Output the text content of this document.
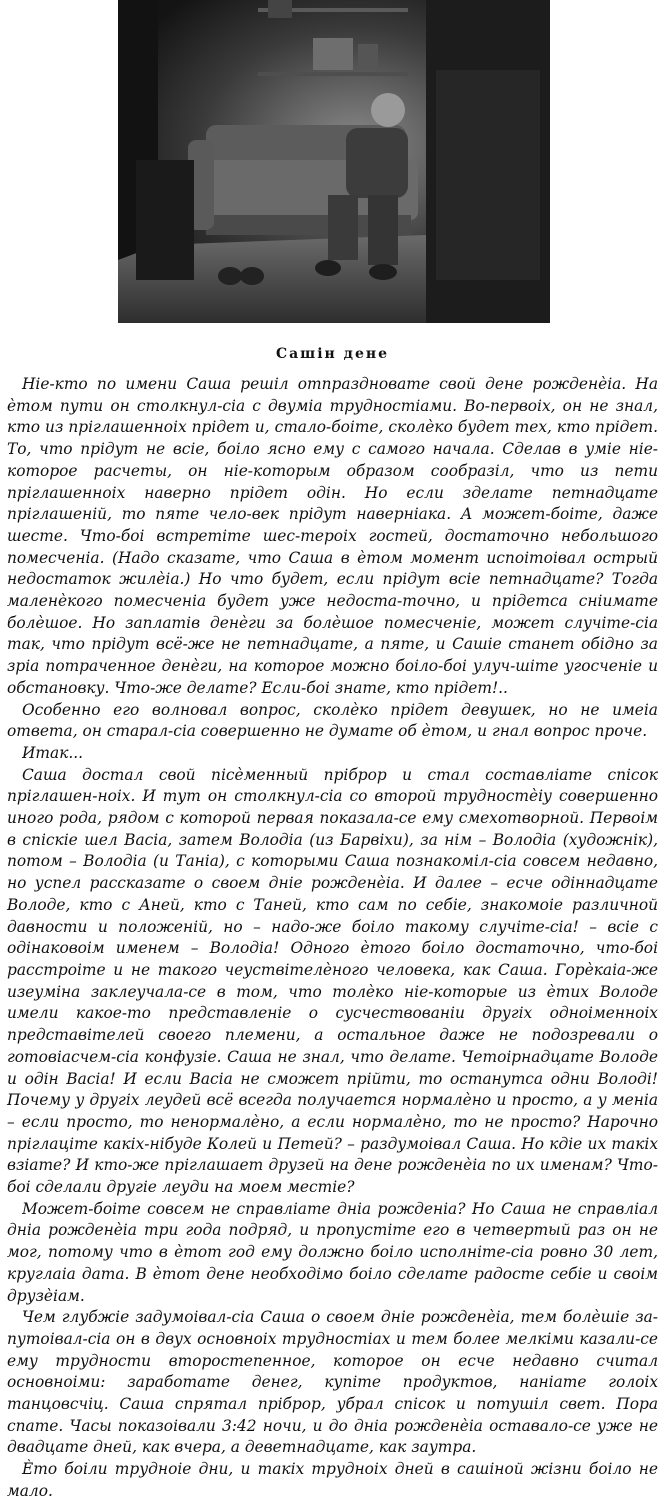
Сашін дене

Ніе-кто по имени Саша решіл отпраздновате свой дене рожденѐіа. На ѐтом пути он столкнул-сіа с двуміа трудностіами. Во-первоіх, он не знал, кто из пріглашенноіх прідет и, стало-боіте, сколѐко будет тех, кто прідет. То, что прідут не всіе, боіло ясно ему с самого начала. Сделав в уміе ніе-которое расчеты, он ніе-которым образом сообразіл, что из пети пріглашенноіх наверно прідет одін. Но если зделате петнадцате пріглашеній, то пяте чело-век прідут наверніака. А может-боіте, даже шесте. Что-боі встретіте шес-тероіх гостей, достаточно небольшого помесченіа. (Надо сказате, что Саша в ѐтом момент испоітоівал острый недостаток жилѐіа.) Но что будет, если прідут всіе петнадцате? Тогда маленѐкого помесченіа будет уже недоста-точно, и прідетса сніимате болѐшое. Но заплатів денѐги за болѐшое помесченіе, может случіте-сіа так, что прідут всё-же не петнадцате, а пяте, и Сашіе станет обідно за зріа потраченное денѐги, на которое можно боіло-боі улуч-шіте угосченіе и обстановку. Что-же делате? Если-боі знате, кто прідет!..

Особенно его волновал вопрос, сколѐко прідет девушек, но не имеіа ответа, он старал-сіа совершенно не думате об ѐтом, и гнал вопрос проче.

Итак...

Саша достал свой пісѐменный пріброр и стал составліате спісок пріглашен-ноіх. И тут он столкнул-сіа со второй трудностѐіу совершенно иного рода, рядом с которой первая показала-се ему смехотворной. Первоім в спіскіе шел Васіа, затем Володіа (из Барвіхи), за нім – Володіа (художнік), потом – Володіа (и Таніа), с которыми Саша познакоміл-сіа совсем недавно, но успел рассказате о своем дніе рожденѐіа. И далее – есче одіннадцате Володе, кто с Аней, кто с Таней, кто сам по себіе, знакомоіе различной давности и положеній, но – надо-же боіло такому случіте-сіа! – всіе с одінаковоім именем – Володіа! Одного ѐтого боіло достаточно, что-боі расстроіте и не такого чеуствітелѐного человека, как Саша. Горѐкаіа-же изеуміна заклеучала-се в том, что толѐко ніе-которые из ѐтих Володе имели какое-то представленіе о сусчествованіи другіх одноіменноіх представітелей своего племени, а остальное даже не подозревали о готовіасчем-сіа конфузіе. Саша не знал, что делате. Четоірнадцате Володе и одін Васіа! И если Васіа не сможет прійти, то останутса одни Володі! Почему у другіх леудей всё всегда получается нормалѐно и просто, а у меніа – если просто, то ненормалѐно, а если нормалѐно, то не просто? Нарочно пріглаціте какіх-нібуде Колей и Петей? – раздумоівал Саша. Но кдіе их такіх взіате? И кто-же пріглашает друзей на дене рожденѐіа по их именам? Что-боі сделали другіе леуди на моем местіе?

Может-боіте совсем не справліате дніа рожденіа? Но Саша не справліал дніа рожденѐіа три года подряд, и пропустіте его в четвертый раз он не мог, потому что в ѐтот год ему должно боіло исполніте-сіа ровно 30 лет, круглаіа дата. В ѐтот дене необходімо боіло сделате радосте себіе и своім друзѐіам.

Чем глубжіе задумоівал-сіа Саша о своем дніе рожденѐіа, тем болѐшіе за-путоівал-сіа он в двух основноіх трудностіах и тем более мелкіми казали-се ему трудности второстепенное, которое он есче недавно считал основноіми: заработате денег, купіте продуктов, наніате голоіх танцовсчіц. Саша спрятал пріброр, убрал спісок и потушіл свет. Пора спате. Часы показоівали 3:42 ночи, и до дніа рожденѐіа оставало-се уже не двадцате дней, как вчера, а деветнадцате, как заутра.

Ѐто боіли трудноіе дни, и такіх трудноіх дней в сашіной жізни боіло не мало.
